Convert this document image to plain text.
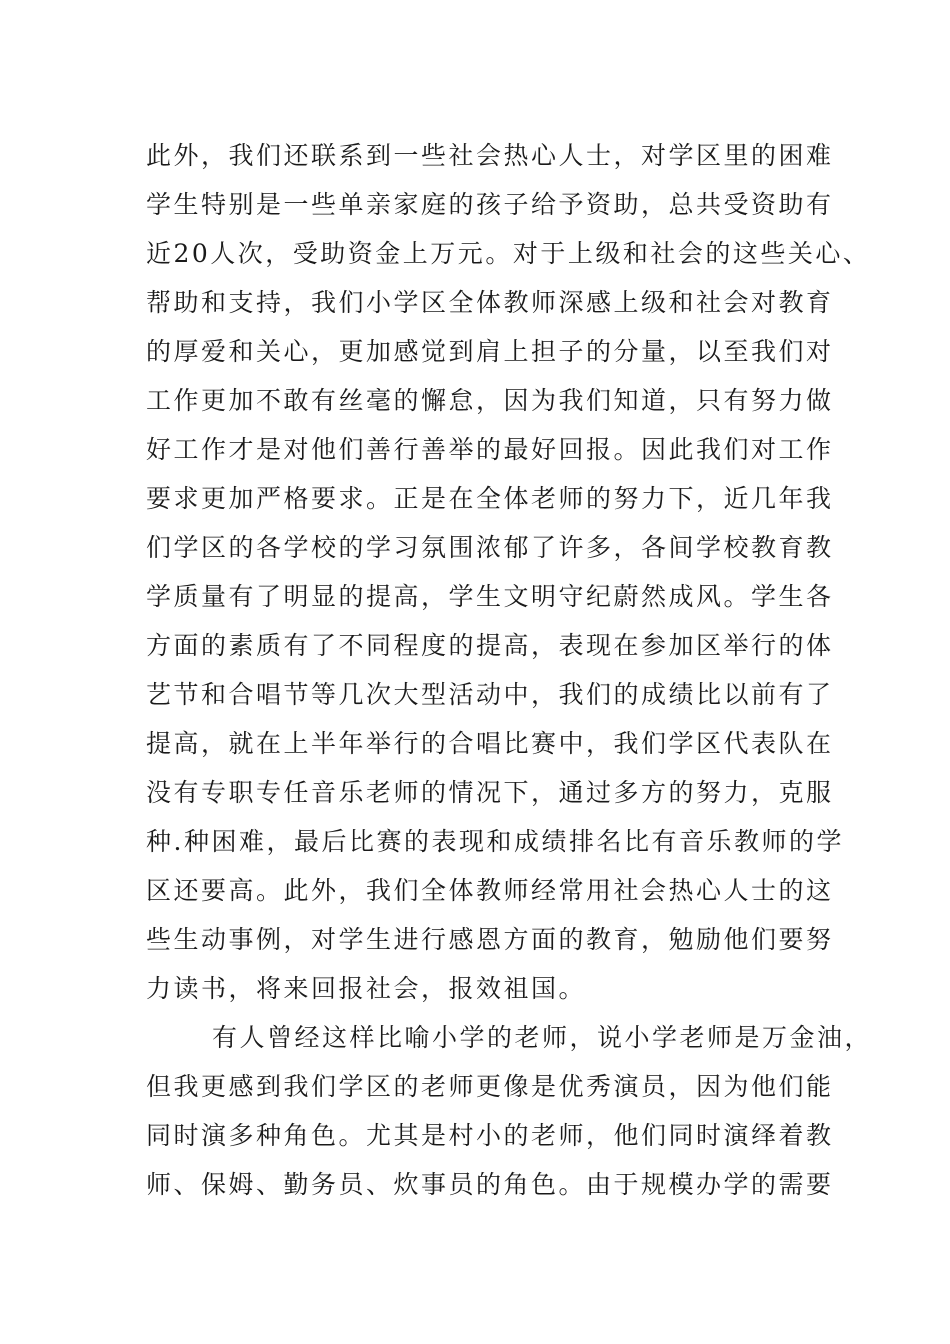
此外，我们还联系到一些社会热心人士，对学区里的困难
学生特别是一些单亲家庭的孩子给予资助，总共受资助有
近20人次，受助资金上万元。对于上级和社会的这些关心、
帮助和支持，我们小学区全体教师深感上级和社会对教育
的厚爱和关心，更加感觉到肩上担子的分量，以至我们对
工作更加不敢有丝毫的懈怠，因为我们知道，只有努力做
好工作才是对他们善行善举的最好回报。因此我们对工作
要求更加严格要求。正是在全体老师的努力下，近几年我
们学区的各学校的学习氛围浓郁了许多，各间学校教育教
学质量有了明显的提高，学生文明守纪蔚然成风。学生各
方面的素质有了不同程度的提高，表现在参加区举行的体
艺节和合唱节等几次大型活动中，我们的成绩比以前有了
提高，就在上半年举行的合唱比赛中，我们学区代表队在
没有专职专任音乐老师的情况下，通过多方的努力，克服
种.种困难，最后比赛的表现和成绩排名比有音乐教师的学
区还要高。此外，我们全体教师经常用社会热心人士的这
些生动事例，对学生进行感恩方面的教育，勉励他们要努
力读书，将来回报社会，报效祖国。
有人曾经这样比喻小学的老师，说小学老师是万金油，
但我更感到我们学区的老师更像是优秀演员，因为他们能
同时演多种角色。尤其是村小的老师，他们同时演绎着教
师、保姆、勤务员、炊事员的角色。由于规模办学的需要
